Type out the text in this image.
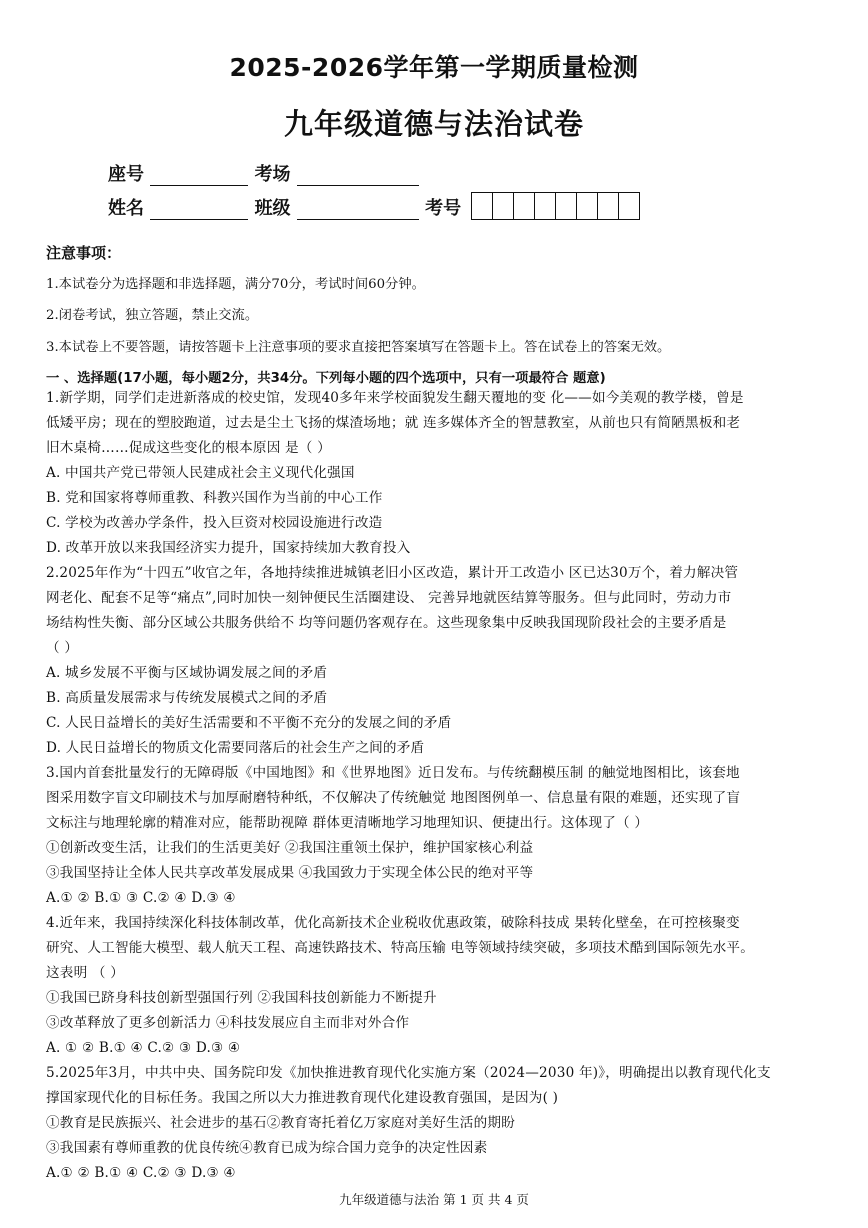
2025-2026学年第一学期质量检测
九年级道德与法治试卷
座号	考场
姓名	班级	考号
注意事项：
1.本试卷分为选择题和非选择题，满分70分，考试时间60分钟。
2.闭卷考试，独立答题，禁止交流。
3.本试卷上不要答题，请按答题卡上注意事项的要求直接把答案填写在答题卡上。答在试卷上的答案无效。
一 、选择题(17小题，每小题2分，共34分。下列每小题的四个选项中，只有一项最符合 题意)
1.新学期，同学们走进新落成的校史馆，发现40多年来学校面貌发生翻天覆地的变 化——如今美观的教学楼，曾是
低矮平房；现在的塑胶跑道，过去是尘土飞扬的煤渣场地；就 连多媒体齐全的智慧教室，从前也只有简陋黑板和老
旧木桌椅……促成这些变化的根本原因 是（ ）
A. 中国共产党已带领人民建成社会主义现代化强国
B. 党和国家将尊师重教、科教兴国作为当前的中心工作
C. 学校为改善办学条件，投入巨资对校园设施进行改造
D. 改革开放以来我国经济实力提升，国家持续加大教育投入
2.2025年作为“十四五”收官之年，各地持续推进城镇老旧小区改造，累计开工改造小 区已达30万个，着力解决管
网老化、配套不足等“痛点”,同时加快一刻钟便民生活圈建设、 完善异地就医结算等服务。但与此同时，劳动力市
场结构性失衡、部分区域公共服务供给不 均等问题仍客观存在。这些现象集中反映我国现阶段社会的主要矛盾是
（ ）
A. 城乡发展不平衡与区域协调发展之间的矛盾
B. 高质量发展需求与传统发展模式之间的矛盾
C. 人民日益增长的美好生活需要和不平衡不充分的发展之间的矛盾
D. 人民日益增长的物质文化需要同落后的社会生产之间的矛盾
3.国内首套批量发行的无障碍版《中国地图》和《世界地图》近日发布。与传统翻模压制 的触觉地图相比，该套地
图采用数字盲文印刷技术与加厚耐磨特种纸，不仅解决了传统触觉 地图图例单一、信息量有限的难题，还实现了盲
文标注与地理轮廓的精准对应，能帮助视障 群体更清晰地学习地理知识、便捷出行。这体现了（ ）
①创新改变生活，让我们的生活更美好 ②我国注重领土保护，维护国家核心利益
③我国坚持让全体人民共享改革发展成果 ④我国致力于实现全体公民的绝对平等
A.① ② B.① ③ C.② ④ D.③ ④
4.近年来，我国持续深化科技体制改革，优化高新技术企业税收优惠政策，破除科技成 果转化壁垒，在可控核聚变
研究、人工智能大模型、载人航天工程、高速铁路技术、特高压输 电等领域持续突破，多项技术酷到国际领先水平。
这表明 （ ）
①我国已跻身科技创新型强国行列 ②我国科技创新能力不断提升
③改革释放了更多创新活力 ④科技发展应自主而非对外合作
A. ① ② B.① ④ C.② ③ D.③ ④
5.2025年3月，中共中央、国务院印发《加快推进教育现代化实施方案（2024—2030 年)》，明确提出以教育现代化支
撑国家现代化的目标任务。我国之所以大力推进教育现代化建设教育强国，是因为( )
①教育是民族振兴、社会进步的基石②教育寄托着亿万家庭对美好生活的期盼
③我国素有尊师重教的优良传统④教育已成为综合国力竞争的决定性因素
A.① ② B.① ④ C.② ③ D.③ ④
九年级道德与法治 第 1 页 共 4 页
